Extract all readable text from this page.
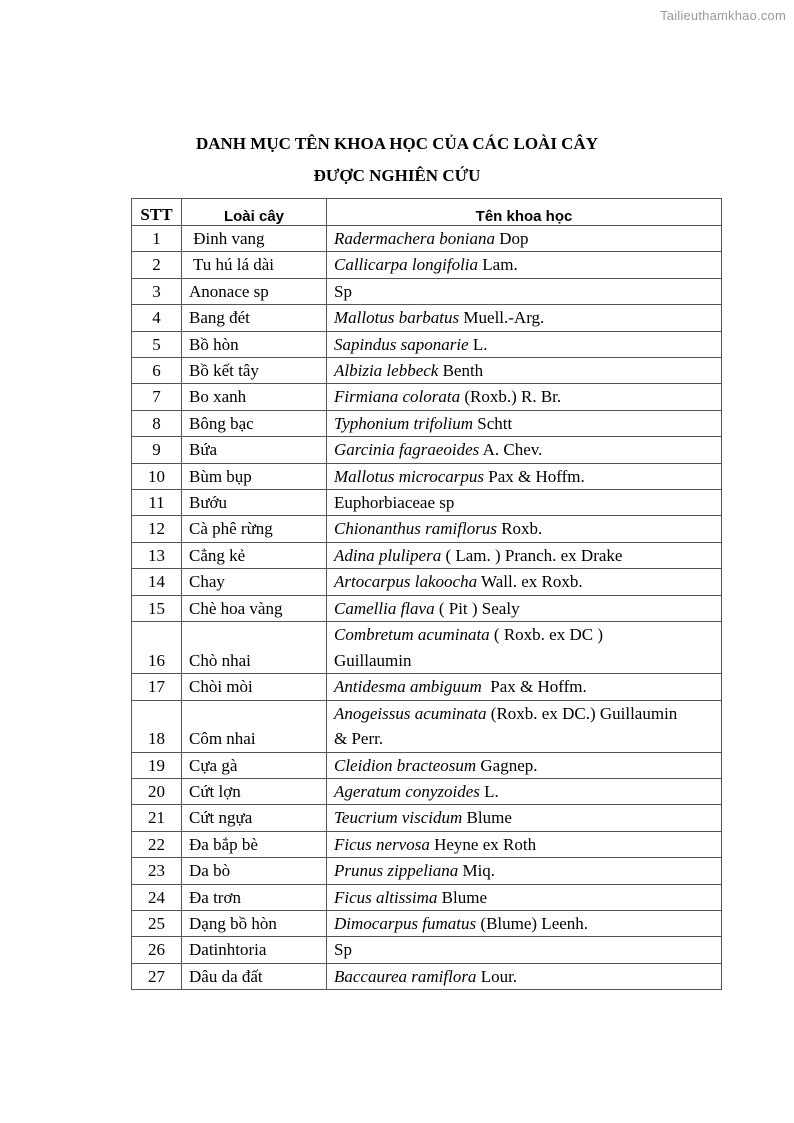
Tailieuthamkhao.com
DANH MỤC TÊN KHOA HỌC CỦA CÁC LOÀI CÂY
ĐƯỢC NGHIÊN CỨU
STT	Loài cây	Tên khoa học
1	Đinh vang	Radermachera boniana Dop
2	Tu hú lá dài	Callicarpa longifolia Lam.
3	Anonace sp	Sp
4	Bang đét	Mallotus barbatus Muell.-Arg.
5	Bồ hòn	Sapindus saponarie L.
6	Bồ kết tây	Albizia lebbeck Benth
7	Bo xanh	Firmiana colorata (Roxb.) R. Br.
8	Bông bạc	Typhonium trifolium Schtt
9	Bứa	Garcinia fagraeoides A. Chev.
10	Bùm bụp	Mallotus microcarpus Pax & Hoffm.
11	Bướu	Euphorbiaceae sp
12	Cà phê rừng	Chionanthus ramiflorus Roxb.
13	Cẳng kẻ	Adina plulipera ( Lam. ) Pranch. ex Drake
14	Chay	Artocarpus lakoocha Wall. ex Roxb.
15	Chè hoa vàng	Camellia flava ( Pit ) Sealy
16	Chò nhai	Combretum acuminata ( Roxb. ex DC )
Guillaumin

17	Chòi mòi	Antidesma ambiguum  Pax & Hoffm.
18	Côm nhai	Anogeissus acuminata (Roxb. ex DC.) Guillaumin
& Perr.

19	Cựa gà	Cleidion bracteosum Gagnep.
20	Cứt lợn	Ageratum conyzoides L.
21	Cứt ngựa	Teucrium viscidum Blume
22	Đa bắp bè	Ficus nervosa Heyne ex Roth
23	Da bò	Prunus zippeliana Miq.
24	Đa trơn	Ficus altissima Blume
25	Dạng bồ hòn	Dimocarpus fumatus (Blume) Leenh.
26	Datinhtoria	Sp
27	Dâu da đất	Baccaurea ramiflora Lour.
